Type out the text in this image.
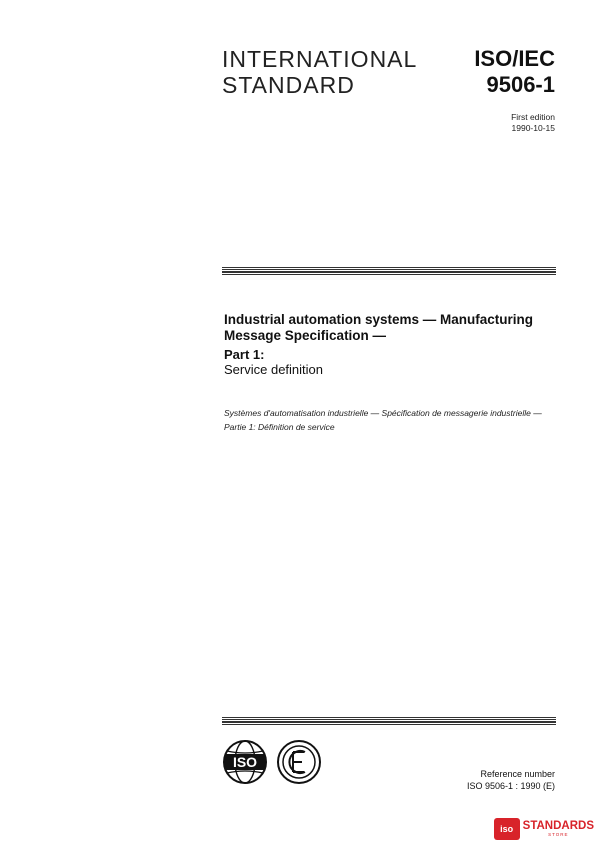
INTERNATIONAL
STANDARD
ISO/IEC
9506-1
First edition
1990-10-15
Industrial automation systems — Manufacturing
Message Specification —
Part 1:
Service definition
Systèmes d'automatisation industrielle — Spécification de messagerie industrielle —
Partie 1: Définition de service
ISO
Reference number
ISO 9506-1 : 1990 (E)
iso STANDARDS
STORE
